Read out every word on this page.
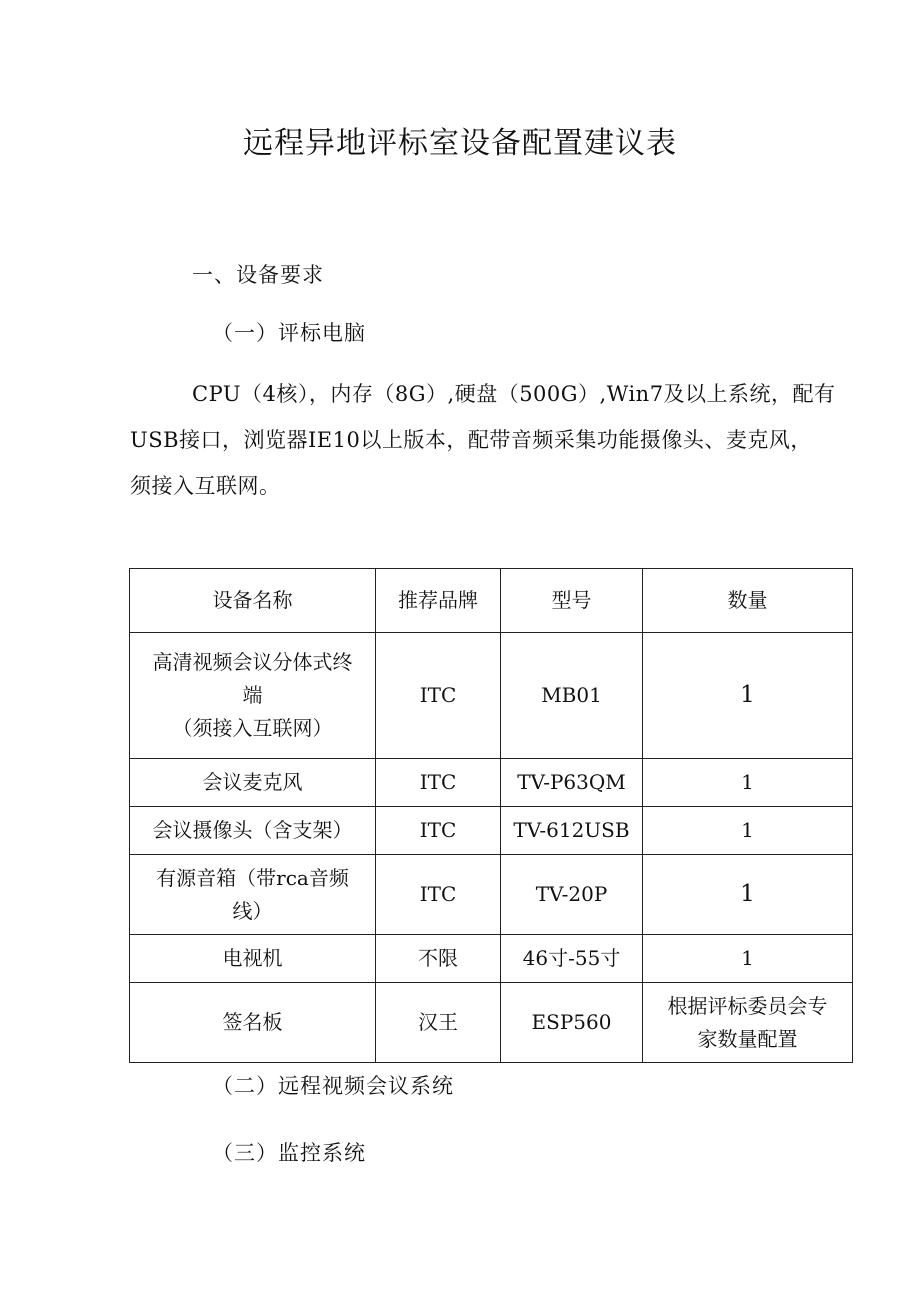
远程异地评标室设备配置建议表
一、设备要求
（一）评标电脑

CPU（4核），内存（8G）,硬盘（500G）,Win7及以上系统，配有

USB接口，浏览器IE10以上版本，配带音频采集功能摄像头、麦克风，

须接入互联网。

设备名称	推荐品牌	型号	数量

高清视频会议分体式终
端
（须接入互联网）	ITC	MB01	1
会议麦克风	ITC	TV-P63QM	1
会议摄像头（含支架）	ITC	TV-612USB	1

有源音箱（带rca音频
线）	ITC	TV-20P	1
电视机	不限	46寸-55寸	1
签名板	汉王	ESP560	根据评标委员会专
家数量配置
（二）远程视频会议系统
（三）监控系统
